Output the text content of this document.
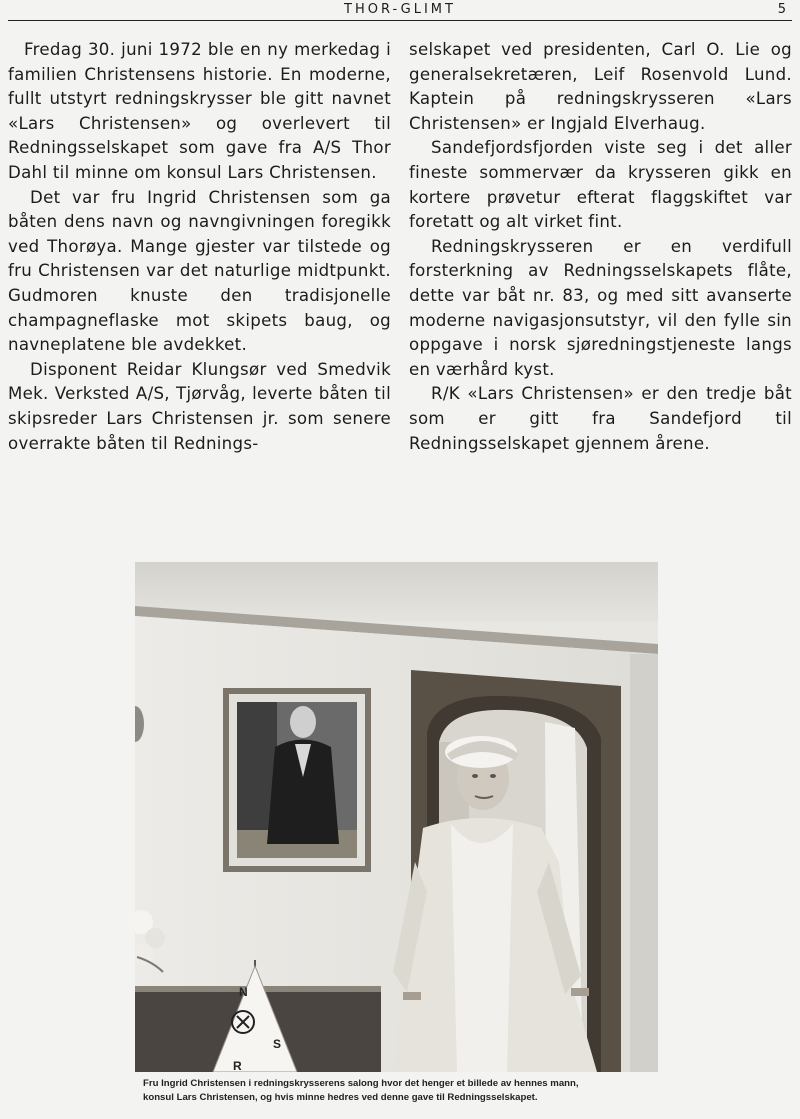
THOR-GLIMT	5

Fredag 30. juni 1972 ble en ny merkedag i familien Christensens historie. En moderne, fullt utstyrt redningskrysser ble gitt navnet «Lars Christensen» og overlevert til Redningsselskapet som gave fra A/S Thor Dahl til minne om konsul Lars Christensen.

Det var fru Ingrid Christensen som ga båten dens navn og navngivningen foregikk ved Thorøya. Mange gjester var tilstede og fru Christensen var det naturlige midtpunkt. Gudmoren knuste den tradisjonelle champagneflaske mot skipets baug, og navneplatene ble avdekket.

Disponent Reidar Klungsør ved Smedvik Mek. Verksted A/S, Tjørvåg, leverte båten til skipsreder Lars Christensen jr. som senere overrakte båten til Rednings-

selskapet ved presidenten, Carl O. Lie og generalsekretæren, Leif Rosenvold Lund. Kaptein på redningskrysseren «Lars Christensen» er Ingjald Elverhaug.

Sandefjordsfjorden viste seg i det aller fineste sommervær da krysseren gikk en kortere prøvetur efterat flaggskiftet var foretatt og alt virket fint.

Redningskrysseren er en verdifull forsterkning av Redningsselskapets flåte, dette var båt nr. 83, og med sitt avanserte moderne navigasjonsutstyr, vil den fylle sin oppgave i norsk sjøredningstjeneste langs en værhård kyst.

R/K «Lars Christensen» er den tredje båt som er gitt fra Sandefjord til Redningsselskapet gjennem årene.

N
S
R
Fru Ingrid Christensen i redningskrysserens salong hvor det henger et billede av hennes mann,
konsul Lars Christensen, og hvis minne hedres ved denne gave til Redningsselskapet.
